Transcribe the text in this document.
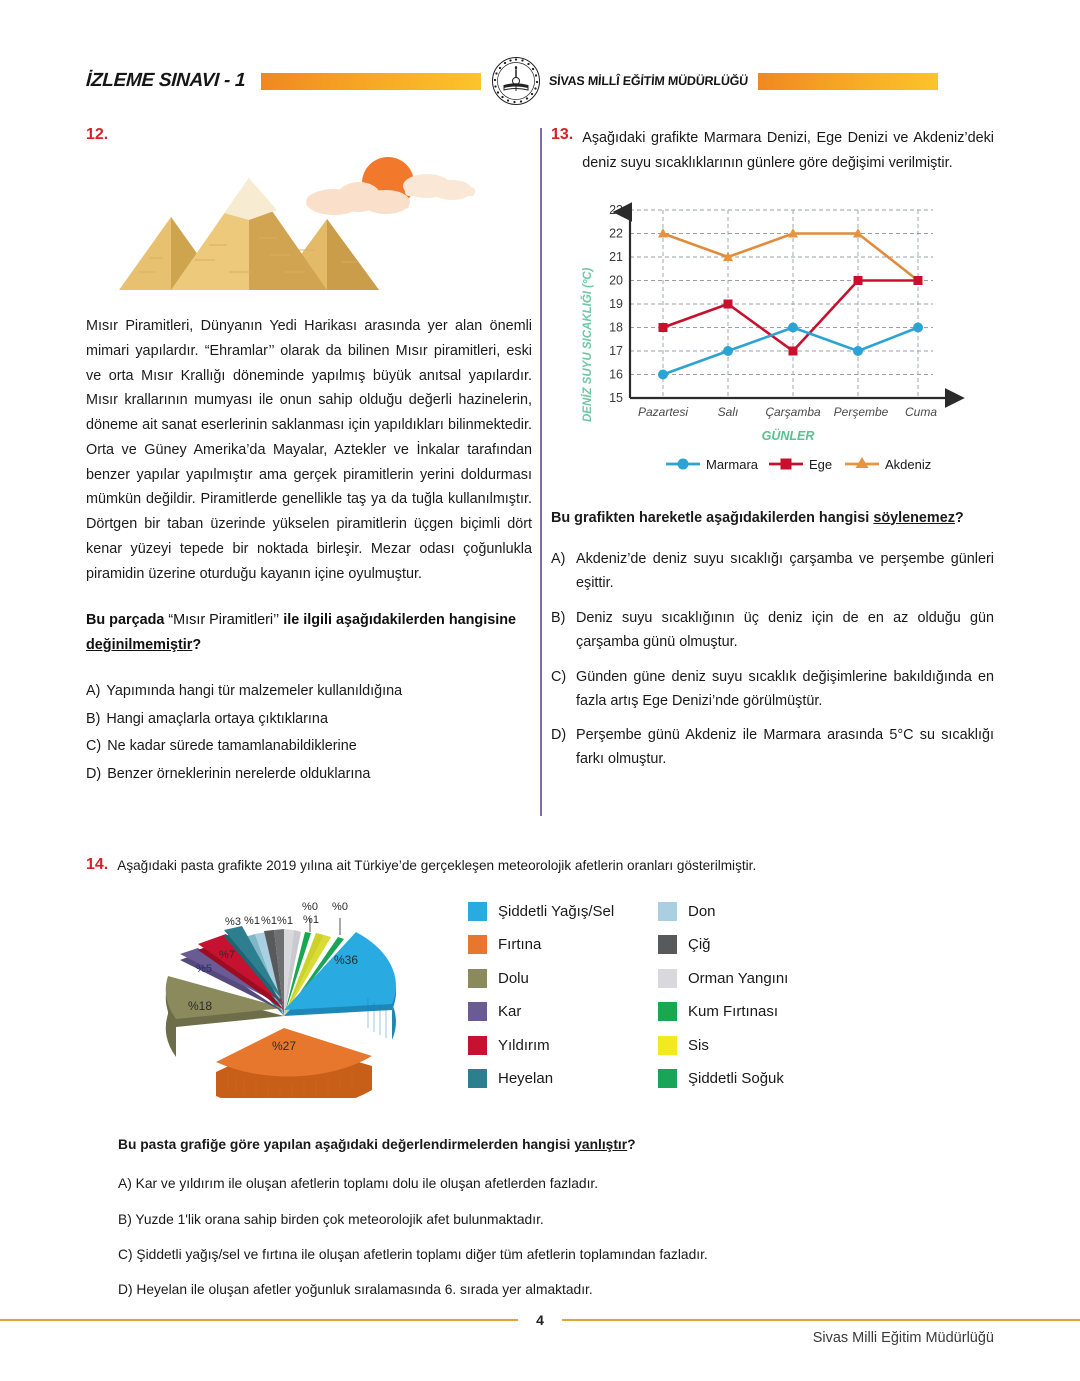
İZLEME SINAVI - 1	SİVAS MİLLÎ EĞİTİM MÜDÜRLÜĞÜ
12.
Mısır Piramitleri, Dünyanın Yedi Harikası arasında yer alan önemli mimari yapılardır. “Ehramlar’’ olarak da bilinen Mısır piramitleri, eski ve orta Mısır Krallığı döneminde yapılmış büyük anıtsal yapılardır. Mısır krallarının mumyası ile onun sahip olduğu değerli hazinelerin, döneme ait sanat eserlerinin saklanması için yapıldıkları bilinmektedir. Orta ve Güney Amerika’da Mayalar, Aztekler ve İnkalar tarafından benzer yapılar yapılmıştır ama gerçek piramitlerin yerini doldurması mümkün değildir. Piramitlerde genellikle taş ya da tuğla kullanılmıştır. Dörtgen bir taban üzerinde yükselen piramitlerin üçgen biçimli dört kenar yüzeyi tepede bir noktada birleşir. Mezar odası çoğunlukla piramidin üzerine oturduğu kayanın içine oyulmuştur.
Bu parçada “Mısır Piramitleri’’ ile ilgili aşağıdakilerden hangisine değinilmemiştir?
A) Yapımında hangi tür malzemeler kullanıldığına
B) Hangi amaçlarla ortaya çıktıklarına
C) Ne kadar sürede tamamlanabildiklerine
D) Benzer örneklerinin nerelerde olduklarına
13. Aşağıdaki grafikte Marmara Denizi, Ege Denizi ve Akdeniz’deki deniz suyu sıcaklıklarının günlere göre değişimi verilmiştir.
DENİZ SUYU SICAKLIĞI (ºC)
23
22
21
20
19
18
17
16
15
Pazartesi Salı Çarşamba Perşembe Cuma
GÜNLER
Marmara	Ege	Akdeniz
Bu grafikten hareketle aşağıdakilerden hangisi söylenemez?
A) Akdeniz’de deniz suyu sıcaklığı çarşamba ve perşembe günleri eşittir.
B) Deniz suyu sıcaklığının üç deniz için de en az olduğu gün çarşamba günü olmuştur.
C) Günden güne deniz suyu sıcaklık değişimlerine bakıldığında en fazla artış Ege Denizi’nde görülmüştür.
D) Perşembe günü Akdeniz ile Marmara arasında 5°C su sıcaklığı farkı olmuştur.
14. Aşağıdaki pasta grafikte 2019 yılına ait Türkiye’de gerçekleşen meteorolojik afetlerin oranları gösterilmiştir.
%36
%27
%18
%5
%7
%3 %1 %1 %1 %1
%0 %0	Şiddetli Yağış/Sel	Don
Fırtına	Çiğ
Dolu	Orman Yangını
Kar	Kum Fırtınası
Yıldırım	Sis
Heyelan	Şiddetli Soğuk
Bu pasta grafiğe göre yapılan aşağıdaki değerlendirmelerden hangisi yanlıştır?
A) Kar ve yıldırım ile oluşan afetlerin toplamı dolu ile oluşan afetlerden fazladır.
B) Yuzde 1'lik orana sahip birden çok meteorolojik afet bulunmaktadır.
C) Şiddetli yağış/sel ve fırtına ile oluşan afetlerin toplamı diğer tüm afetlerin toplamından fazladır.
D) Heyelan ile oluşan afetler yoğunluk sıralamasında 6. sırada yer almaktadır.
4
Sivas Milli Eğitim Müdürlüğü
